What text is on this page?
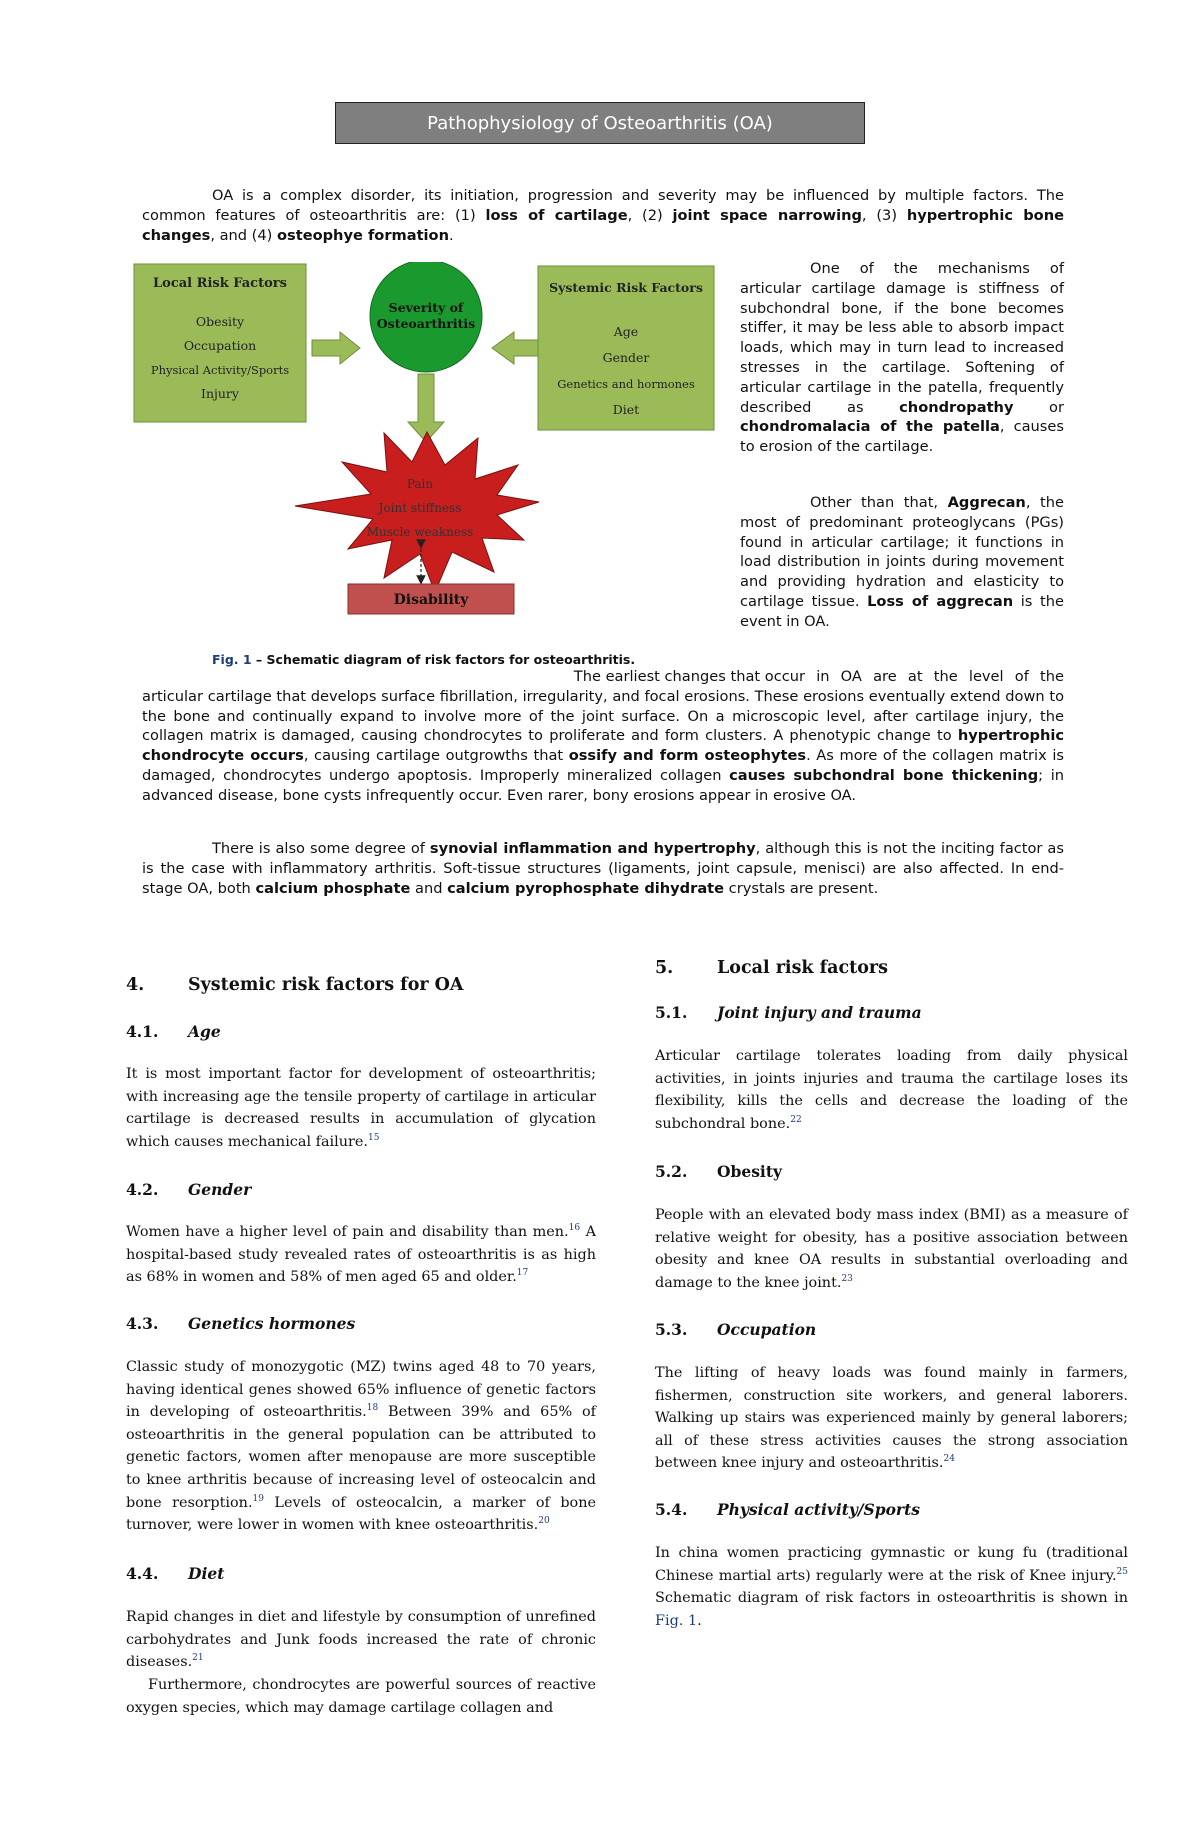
Pathophysiology of Osteoarthritis (OA)

OA is a complex disorder, its initiation, progression and severity may be influenced by multiple factors. The common features of osteoarthritis are: (1) loss of cartilage, (2) joint space narrowing, (3) hypertrophic bone changes, and (4) osteophye formation.

Local Risk Factors
Obesity
Occupation
Physical Activity/Sports
Injury
Severity of
Osteoarthritis
Systemic Risk Factors
Age
Gender
Genetics and hormones
Diet
Pain
Joint stiffness
Muscle weakness
Disability
Fig. 1 – Schematic diagram of risk factors for osteoarthritis.

One of the mechanisms of articular cartilage damage is stiffness of subchondral bone, if the bone becomes stiffer, it may be less able to absorb impact loads, which may in turn lead to increased stresses in the cartilage. Softening of articular cartilage in the patella, frequently described as chondropathy or chondromalacia of the patella, causes to erosion of the cartilage.

Other than that, Aggrecan, the most of predominant proteoglycans (PGs) found in articular cartilage; it functions in load distribution in joints during movement and providing hydration and elasticity to cartilage tissue. Loss of aggrecan is the event in OA.

The earliest changes that occur in OA are at the level of the articular cartilage that develops surface fibrillation, irregularity, and focal erosions. These erosions eventually extend down to the bone and continually expand to involve more of the joint surface. On a microscopic level, after cartilage injury, the collagen matrix is damaged, causing chondrocytes to proliferate and form clusters. A phenotypic change to hypertrophic chondrocyte occurs, causing cartilage outgrowths that ossify and form osteophytes. As more of the collagen matrix is damaged, chondrocytes undergo apoptosis. Improperly mineralized collagen causes subchondral bone thickening; in advanced disease, bone cysts infrequently occur. Even rarer, bony erosions appear in erosive OA.

There is also some degree of synovial inflammation and hypertrophy, although this is not the inciting factor as is the case with inflammatory arthritis. Soft-tissue structures (ligaments, joint capsule, menisci) are also affected. In end-stage OA, both calcium phosphate and calcium pyrophosphate dihydrate crystals are present.

4. Systemic risk factors for OA
4.1. Age

It is most important factor for development of osteoarthritis; with increasing age the tensile property of cartilage in articular cartilage is decreased results in accumulation of glycation which causes mechanical failure.$^{15}$

4.2. Gender

Women have a higher level of pain and disability than men.$^{16}$ A hospital-based study revealed rates of osteoarthritis is as high as 68% in women and 58% of men aged 65 and older.$^{17}$

4.3. Genetics hormones

Classic study of monozygotic (MZ) twins aged 48 to 70 years, having identical genes showed 65% influence of genetic factors in developing of osteoarthritis.$^{18}$ Between 39% and 65% of osteoarthritis in the general population can be attributed to genetic factors, women after menopause are more susceptible to knee arthritis because of increasing level of osteocalcin and bone resorption.$^{19}$ Levels of osteocalcin, a marker of bone turnover, were lower in women with knee osteoarthritis.$^{20}$

4.4. Diet

Rapid changes in diet and lifestyle by consumption of unrefined carbohydrates and Junk foods increased the rate of chronic diseases.$^{21}$

Furthermore, chondrocytes are powerful sources of reactive oxygen species, which may damage cartilage collagen and

5. Local risk factors
5.1. Joint injury and trauma

Articular cartilage tolerates loading from daily physical activities, in joints injuries and trauma the cartilage loses its flexibility, kills the cells and decrease the loading of the subchondral bone.$^{22}$

5.2. Obesity

People with an elevated body mass index (BMI) as a measure of relative weight for obesity, has a positive association between obesity and knee OA results in substantial overloading and damage to the knee joint.$^{23}$

5.3. Occupation

The lifting of heavy loads was found mainly in farmers, fishermen, construction site workers, and general laborers. Walking up stairs was experienced mainly by general laborers; all of these stress activities causes the strong association between knee injury and osteoarthritis.$^{24}$

5.4. Physical activity/Sports

In china women practicing gymnastic or kung fu (traditional Chinese martial arts) regularly were at the risk of Knee injury.$^{25}$ Schematic diagram of risk factors in osteoarthritis is shown in Fig. 1.
